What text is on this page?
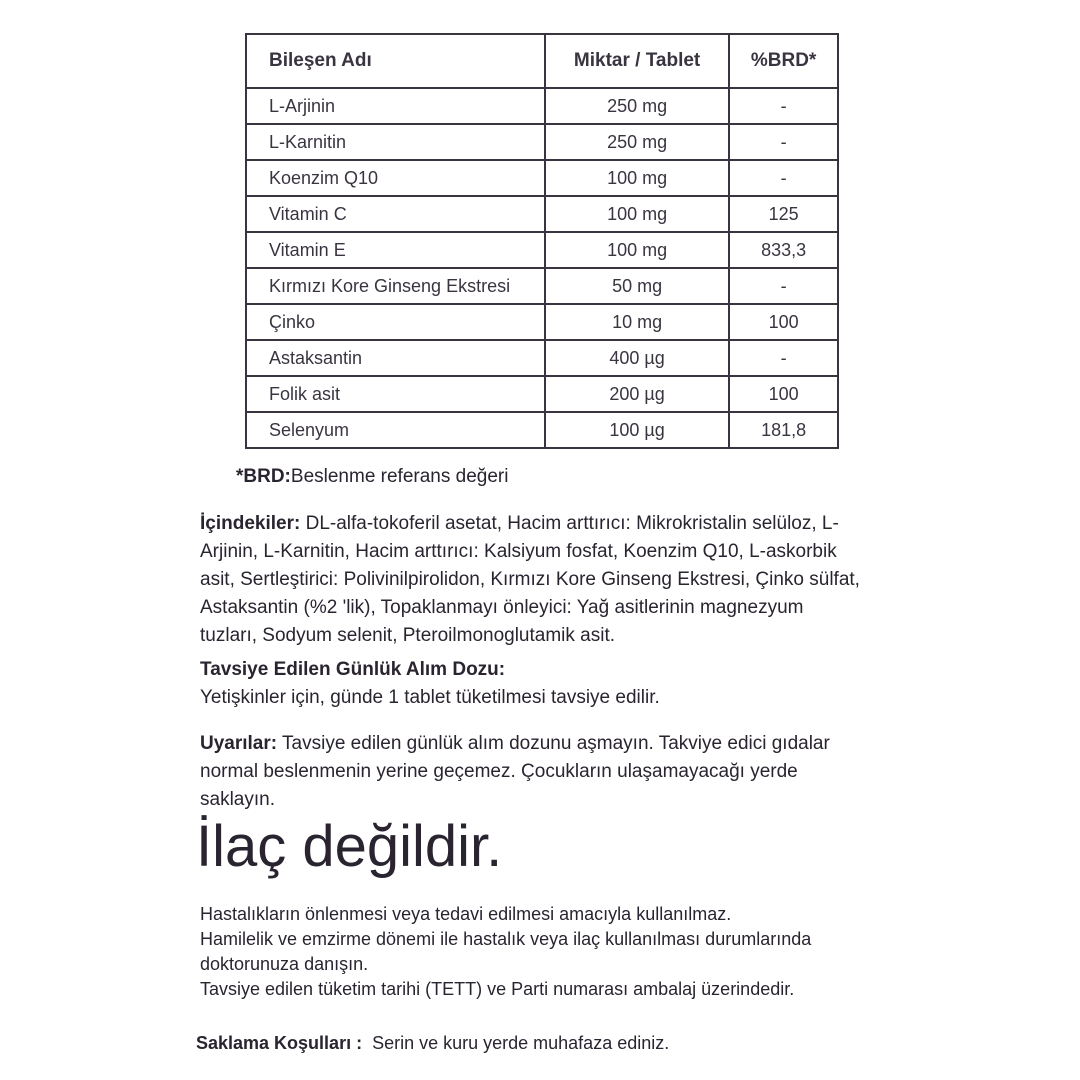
Bileşen Adı	Miktar / Tablet	%BRD*
L-Arjinin	250 mg	-
L-Karnitin	250 mg	-
Koenzim Q10	100 mg	-
Vitamin C	100 mg	125
Vitamin E	100 mg	833,3
Kırmızı Kore Ginseng Ekstresi	50 mg	-
Çinko	10 mg	100
Astaksantin	400 µg	-
Folik asit	200 µg	100
Selenyum	100 µg	181,8
*BRD:Beslenme referans değeri
İçindekiler: DL-alfa-tokoferil asetat, Hacim arttırıcı: Mikrokristalin selüloz, L-Arjinin, L-Karnitin, Hacim arttırıcı: Kalsiyum fosfat, Koenzim Q10, L-askorbik asit, Sertleştirici: Polivinilpirolidon, Kırmızı Kore Ginseng Ekstresi, Çinko sülfat, Astaksantin (%2 'lik), Topaklanmayı önleyici: Yağ asitlerinin magnezyum tuzları, Sodyum selenit, Pteroilmonoglutamik asit.
Tavsiye Edilen Günlük Alım Dozu:
Yetişkinler için, günde 1 tablet tüketilmesi tavsiye edilir.
Uyarılar: Tavsiye edilen günlük alım dozunu aşmayın. Takviye edici gıdalar normal beslenmenin yerine geçemez. Çocukların ulaşamayacağı yerde saklayın.
İlaç değildir.
Hastalıkların önlenmesi veya tedavi edilmesi amacıyla kullanılmaz.
Hamilelik ve emzirme dönemi ile hastalık veya ilaç kullanılması durumlarında doktorunuza danışın.
Tavsiye edilen tüketim tarihi (TETT) ve Parti numarası ambalaj üzerindedir.
Saklama Koşulları : Serin ve kuru yerde muhafaza ediniz.
